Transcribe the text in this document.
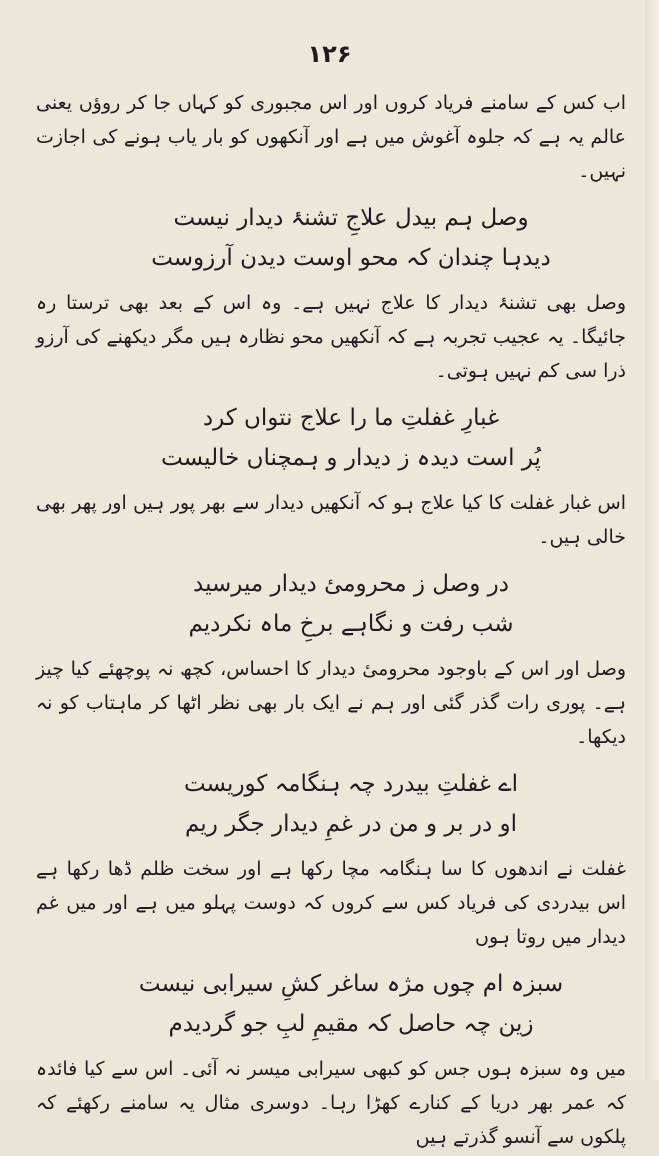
۱۲۶

اب کس کے سامنے فریاد کروں اور اس مجبوری کو کہاں جا کر روؤں یعنی عالم یہ ہے کہ جلوہ آغوش میں ہے اور آنکھوں کو بار یاب ہونے کی اجازت نہیں۔

وصل ہم بیدل علاجِ تشنۂ دیدار نیست

دیدہا چندان کہ محو اوست دیدن آرزوست

وصل بھی تشنۂ دیدار کا علاج نہیں ہے۔ وہ اس کے بعد بھی ترستا رہ جائیگا۔ یہ عجیب تجربہ ہے کہ آنکھیں محو نظارہ ہیں مگر دیکھنے کی آرزو ذرا سی کم نہیں ہوتی۔

غبارِ غفلتِ ما را علاج نتواں کرد

پُر است دیدہ ز دیدار و ہمچناں خالیست

اس غبار غفلت کا کیا علاج ہو کہ آنکھیں دیدار سے بھر پور ہیں اور پھر بھی خالی ہیں۔

در وصل ز محرومیٔ دیدار میرسید

شب رفت و نگاہے برخِ ماہ نکردیم

وصل اور اس کے باوجود محرومیٔ دیدار کا احساس، کچھ نہ پوچھئے کیا چیز ہے۔ پوری رات گذر گئی اور ہم نے ایک بار بھی نظر اٹھا کر ماہتاب کو نہ دیکھا۔

اے غفلتِ بیدرد چہ ہنگامہ کوریست

او در بر و من در غمِ دیدار جگر ریم

غفلت نے اندھوں کا سا ہنگامہ مچا رکھا ہے اور سخت ظلم ڈھا رکھا ہے اس بیدردی کی فریاد کس سے کروں کہ دوست پہلو میں ہے اور میں غم دیدار میں روتا ہوں

سبزہ ام چوں مژہ ساغر کشِ سیرابی نیست

زین چہ حاصل کہ مقیمِ لبِ جو گردیدم

میں وہ سبزہ ہوں جس کو کبھی سیرابی میسر نہ آئی۔ اس سے کیا فائدہ کہ عمر بھر دریا کے کنارے کھڑا رہا۔ دوسری مثال یہ سامنے رکھئے کہ پلکوں سے آنسو گذرتے ہیں
